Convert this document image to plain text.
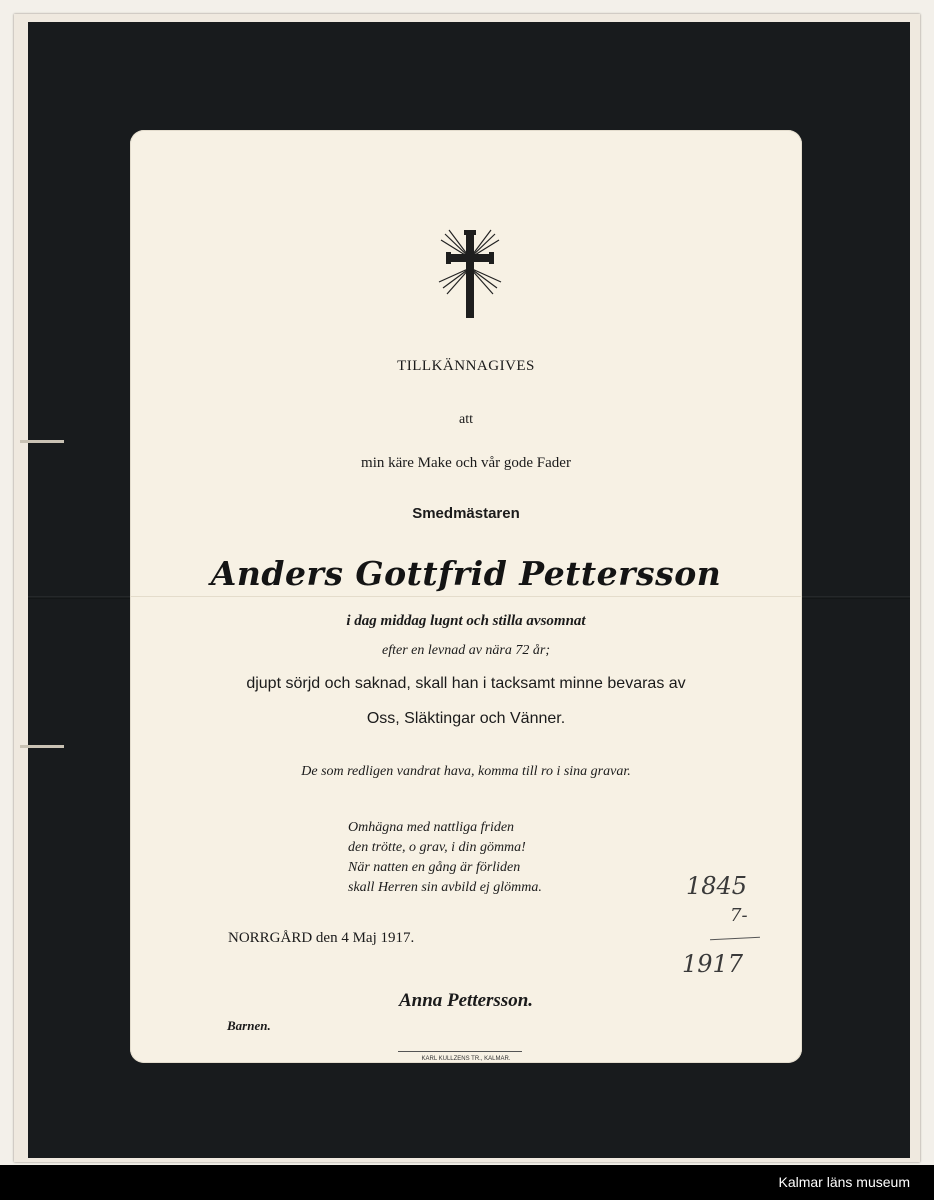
TILLKÄNNAGIVES
att
min käre Make och vår gode Fader
Smedmästaren
Anders Gottfrid Pettersson
i dag middag lugnt och stilla avsomnat
efter en levnad av nära 72 år;
djupt sörjd och saknad, skall han i tacksamt minne bevaras av
Oss, Släktingar och Vänner.
De som redligen vandrat hava, komma till ro i sina gravar.
Omhägna med nattliga friden
den trötte, o grav, i din gömma!
När natten en gång är förliden
skall Herren sin avbild ej glömma.
NORRGÅRD den 4 Maj 1917.
Anna Pettersson.
Barnen.
KARL KULLZENS TR., KALMAR.
1845
7-
1917
Kalmar läns museum
